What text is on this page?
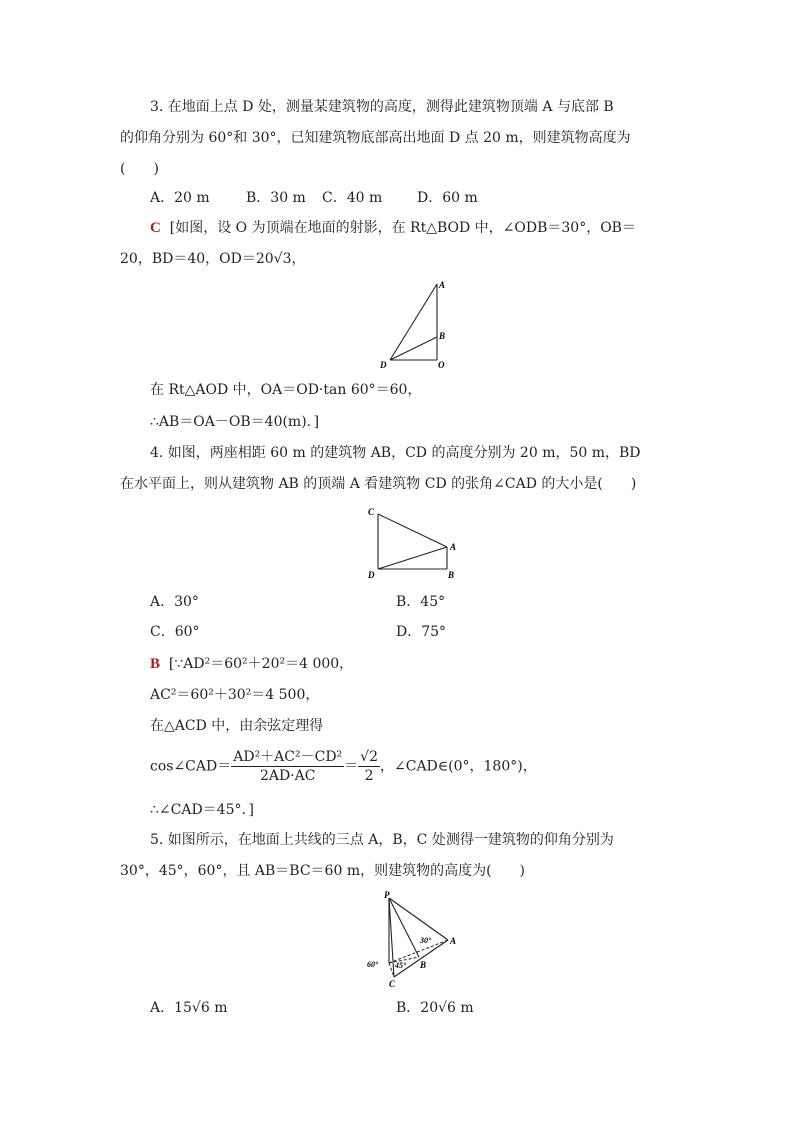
3. 在地面上点 D 处，测量某建筑物的高度，测得此建筑物顶端 A 与底部 B
的仰角分别为 60°和 30°，已知建筑物底部高出地面 D 点 20 m，则建筑物高度为
(　　)
A．20 m	B．30 m C．40 m D．60 m
C [如图，设 O 为顶端在地面的射影，在 Rt△BOD 中，∠ODB＝30°，OB＝
20，BD＝40，OD＝20√3，
A
B
D	O
在 Rt△AOD 中，OA＝OD·tan 60°＝60，
∴AB＝OA－OB＝40(m)．]
4. 如图，两座相距 60 m 的建筑物 AB，CD 的高度分别为 20 m，50 m，BD
在水平面上，则从建筑物 AB 的顶端 A 看建筑物 CD 的张角∠CAD 的大小是(　　)
C
A
D	B
A．30°	B．45°
C．60°	D．75°
B [∵AD²＝60²＋20²＝4 000，
AC²＝60²＋30²＝4 500，
在△ACD 中，由余弦定理得
cos∠CAD＝ $\frac{\text{AD²＋AC²－CD²}}{2AD\cdot AC} = \frac{√2}{2}$ ，∠CAD∈(0°，180°)，
∴∠CAD＝45°．]
5. 如图所示，在地面上共线的三点 A，B，C 处测得一建筑物的仰角分别为
30°，45°，60°，且 AB＝BC＝60 m，则建筑物的高度为(　　)
P
A
B
C
30°
45°
60°
A．15√6 m	B．20√6 m
